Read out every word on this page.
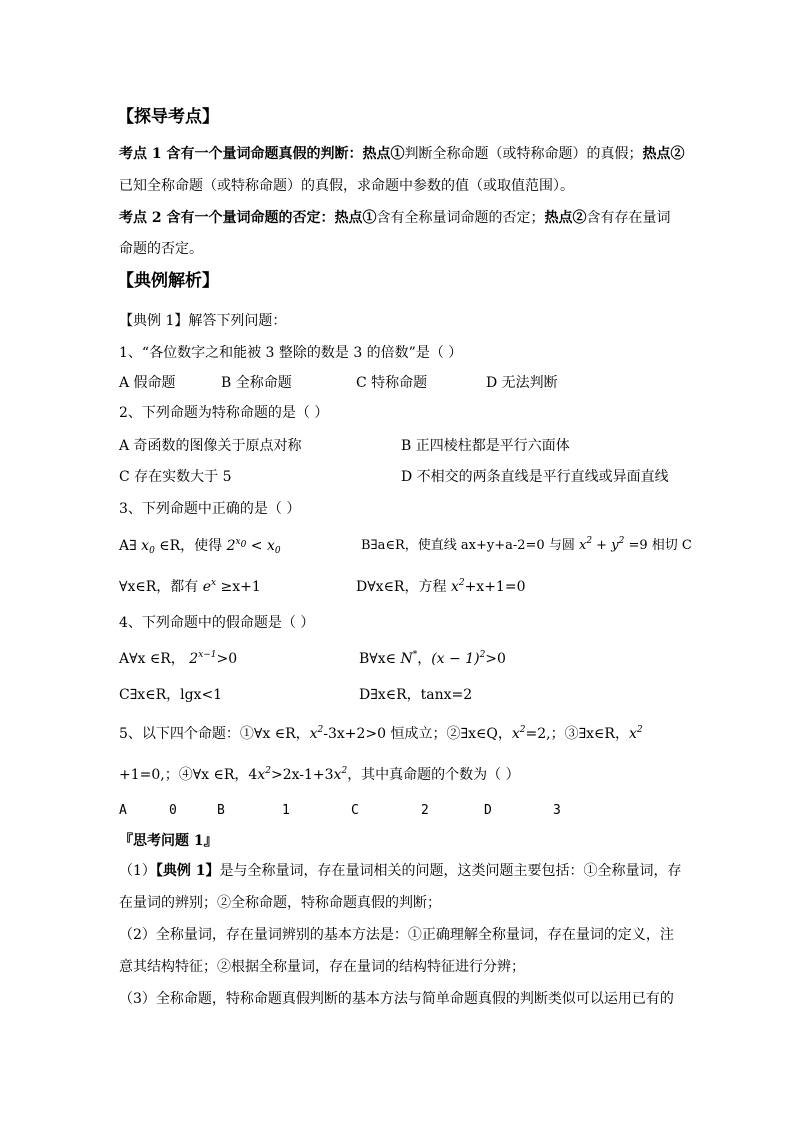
【探导考点】
考点 1 含有一个量词命题真假的判断：热点①判断全称命题（或特称命题）的真假；热点②
已知全称命题（或特称命题）的真假，求命题中参数的值（或取值范围）。
考点 2 含有一个量词命题的否定：热点①含有全称量词命题的否定；热点②含有存在量词
命题的否定。
【典例解析】
【典例 1】解答下列问题：
1、“各位数字之和能被 3 整除的数是 3 的倍数”是（ ）
A 假命题	B 全称命题	C 特称命题	D 无法判断
2、下列命题为特称命题的是（ ）
A 奇函数的图像关于原点对称	B 正四棱柱都是平行六面体
C 存在实数大于 5	D 不相交的两条直线是平行直线或异面直线
3、下列命题中正确的是（ ）
A∃ $x_0$ ∈R，使得 $2^{x_0} < x_0$	B∃a∈R，使直线 ax+y+a-2=0 与圆 $x^2 + y^2 =9$ 相切 C
∀x∈R，都有 $e^x \ge x+1$	D∀x∈R，方程 $x^2+x+1=0$
4、下列命题中的假命题是（ ）
A∀x ∈R， $2^{x-1}>0$	B∀x∈ N*，$(x - 1)^2>0$
C∃x∈R，lgx<1	D∃x∈R，tanx=2
5、以下四个命题：①∀x ∈R，$x^2-3x+2>0$ 恒成立；②∃x∈Q，$x^2=2$,；③∃x∈R，$x^2$
+1=0,；④∀x ∈R，$4x^2>2x-1+3x^2$，其中真命题的个数为（ ）
A	0	B	1	C	2	D	3
『思考问题 1』
（1）【典例 1】是与全称量词，存在量词相关的问题，这类问题主要包括：①全称量词，存
在量词的辨别；②全称命题，特称命题真假的判断；
（2）全称量词，存在量词辨别的基本方法是：①正确理解全称量词，存在量词的定义，注
意其结构特征；②根据全称量词，存在量词的结构特征进行分辨；
（3）全称命题，特称命题真假判断的基本方法与简单命题真假的判断类似可以运用已有的
